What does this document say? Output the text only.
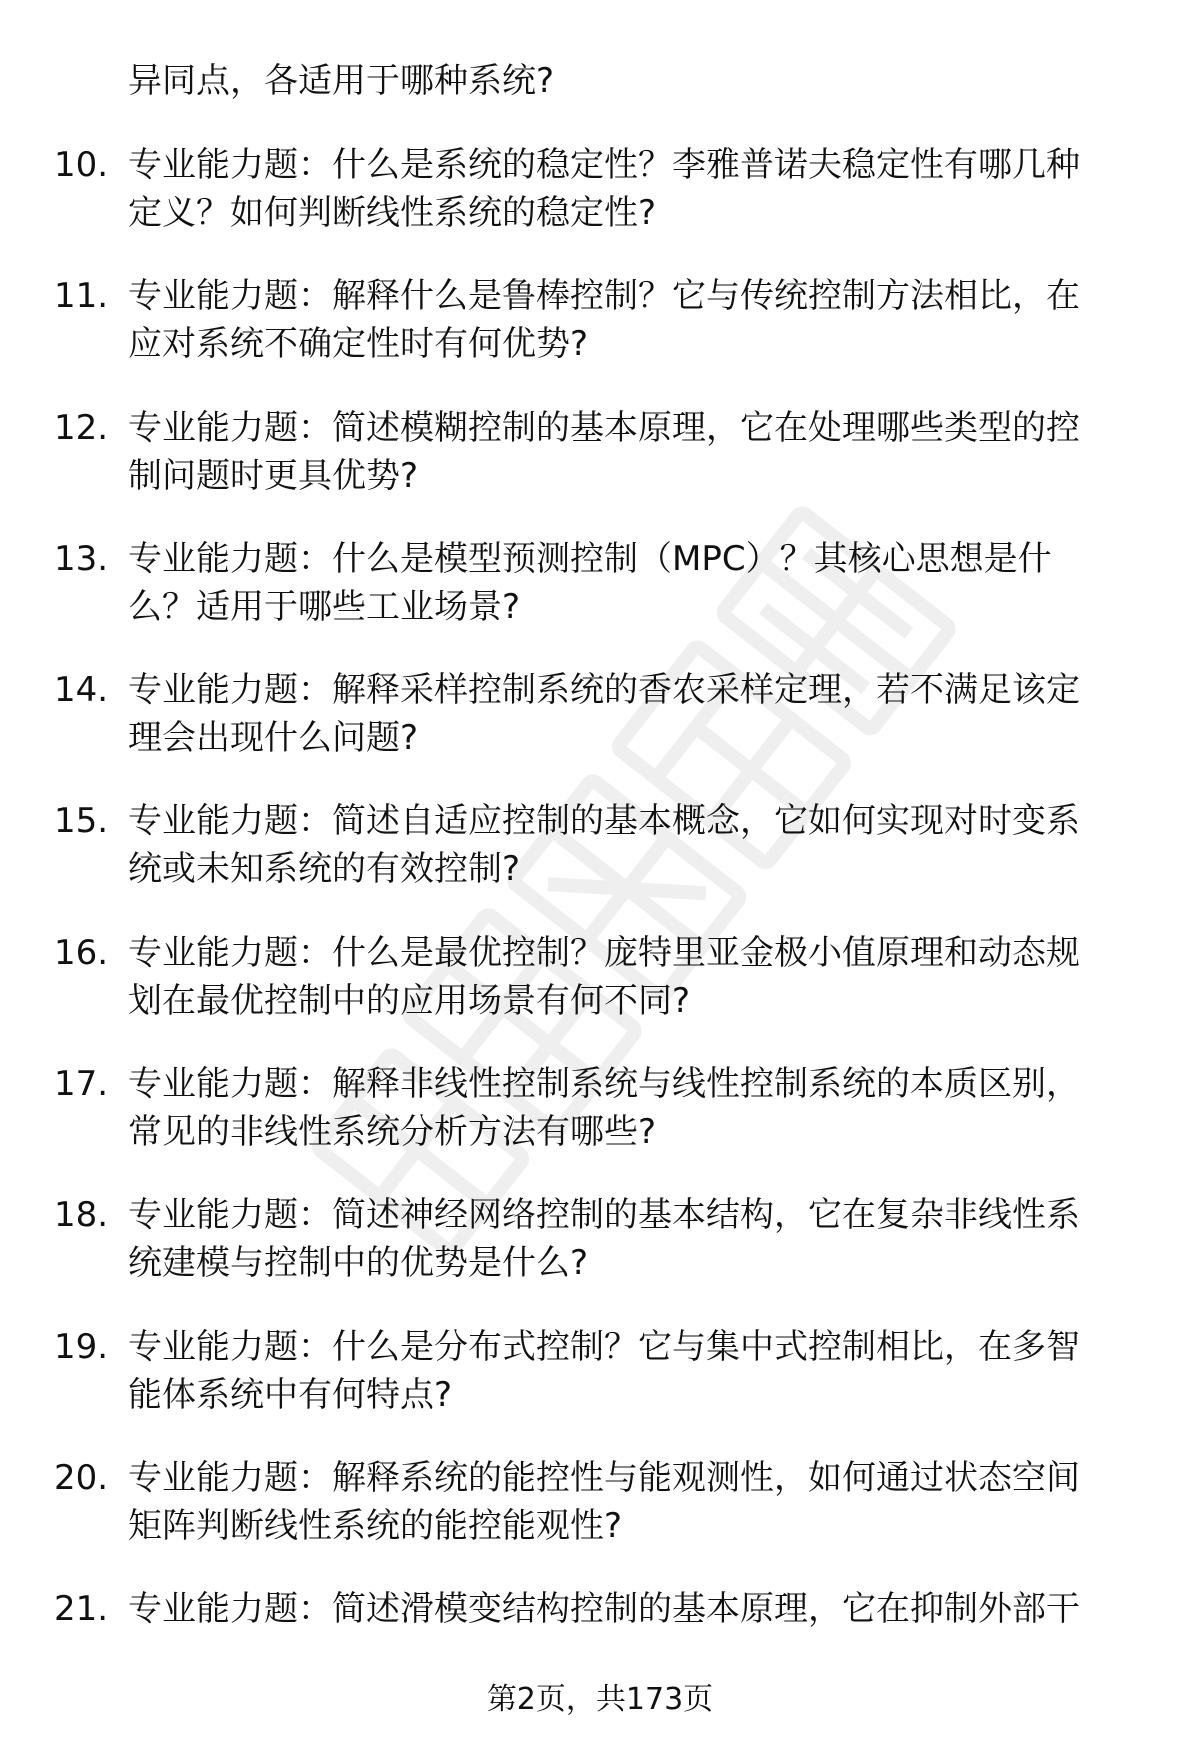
异同点，各适用于哪种系统?
10. 专业能力题：什么是系统的稳定性？李雅普诺夫稳定性有哪几种
定义？如何判断线性系统的稳定性?
11. 专业能力题：解释什么是鲁棒控制？它与传统控制方法相比，在
应对系统不确定性时有何优势?
12. 专业能力题：简述模糊控制的基本原理，它在处理哪些类型的控
制问题时更具优势?
13. 专业能力题：什么是模型预测控制（MPC）？其核心思想是什
么？适用于哪些工业场景?
14. 专业能力题：解释采样控制系统的香农采样定理，若不满足该定
理会出现什么问题?
15. 专业能力题：简述自适应控制的基本概念，它如何实现对时变系
统或未知系统的有效控制?
16. 专业能力题：什么是最优控制？庞特里亚金极小值原理和动态规
划在最优控制中的应用场景有何不同?
17. 专业能力题：解释非线性控制系统与线性控制系统的本质区别，
常见的非线性系统分析方法有哪些?
18. 专业能力题：简述神经网络控制的基本结构，它在复杂非线性系
统建模与控制中的优势是什么?
19. 专业能力题：什么是分布式控制？它与集中式控制相比，在多智
能体系统中有何特点?
20. 专业能力题：解释系统的能控性与能观测性，如何通过状态空间
矩阵判断线性系统的能控能观性?
21. 专业能力题：简述滑模变结构控制的基本原理，它在抑制外部干
第2页，共173页
